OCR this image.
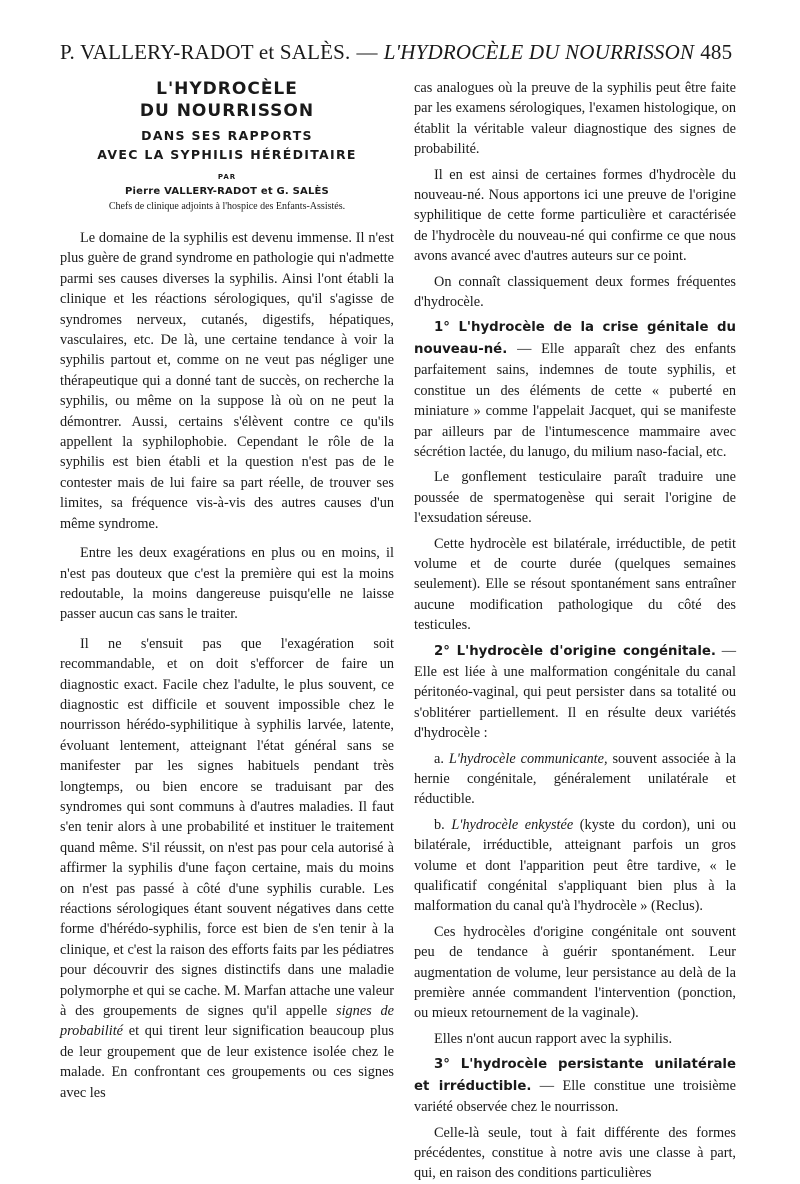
P. VALLERY-RADOT et SALÈS. — L'HYDROCÈLE DU NOURRISSON 485
L'HYDROCÈLE
DU NOURRISSON
DANS SES RAPPORTS
AVEC LA SYPHILIS HÉRÉDITAIRE
PAR
Pierre VALLERY-RADOT et G. SALÈS
Chefs de clinique adjoints à l'hospice des Enfants-Assistés.

Le domaine de la syphilis est devenu immense. Il n'est plus guère de grand syndrome en pathologie qui n'admette parmi ses causes diverses la syphilis. Ainsi l'ont établi la clinique et les réactions sérologiques, qu'il s'agisse de syndromes nerveux, cutanés, digestifs, hépatiques, vasculaires, etc. De là, une certaine tendance à voir la syphilis partout et, comme on ne veut pas négliger une thérapeutique qui a donné tant de succès, on recherche la syphilis, ou même on la suppose là où on ne peut la démontrer. Aussi, certains s'élèvent contre ce qu'ils appellent la syphilophobie. Cependant le rôle de la syphilis est bien établi et la question n'est pas de le contester mais de lui faire sa part réelle, de trouver ses limites, sa fréquence vis-à-vis des autres causes d'un même syndrome.

Entre les deux exagérations en plus ou en moins, il n'est pas douteux que c'est la première qui est la moins redoutable, la moins dangereuse puisqu'elle ne laisse passer aucun cas sans le traiter.

Il ne s'ensuit pas que l'exagération soit recommandable, et on doit s'efforcer de faire un diagnostic exact. Facile chez l'adulte, le plus souvent, ce diagnostic est difficile et souvent impossible chez le nourrisson hérédo-syphilitique à syphilis larvée, latente, évoluant lentement, atteignant l'état général sans se manifester par les signes habituels pendant très longtemps, ou bien encore se traduisant par des syndromes qui sont communs à d'autres maladies. Il faut s'en tenir alors à une probabilité et instituer le traitement quand même. S'il réussit, on n'est pas pour cela autorisé à affirmer la syphilis d'une façon certaine, mais du moins on n'est pas passé à côté d'une syphilis curable. Les réactions sérologiques étant souvent négatives dans cette forme d'hérédo-syphilis, force est bien de s'en tenir à la clinique, et c'est la raison des efforts faits par les pédiatres pour découvrir des signes distinctifs dans une maladie polymorphe et qui se cache. M. Marfan attache une valeur à des groupements de signes qu'il appelle signes de probabilité et qui tirent leur signification beaucoup plus de leur groupement que de leur existence isolée chez le malade. En confrontant ces groupements ou ces signes avec les

cas analogues où la preuve de la syphilis peut être faite par les examens sérologiques, l'examen histologique, on établit la véritable valeur diagnostique des signes de probabilité.

Il en est ainsi de certaines formes d'hydrocèle du nouveau-né. Nous apportons ici une preuve de l'origine syphilitique de cette forme particulière et caractérisée de l'hydrocèle du nouveau-né qui confirme ce que nous avons avancé avec d'autres auteurs sur ce point.

On connaît classiquement deux formes fréquentes d'hydrocèle.

1° L'hydrocèle de la crise génitale du nouveau-né. — Elle apparaît chez des enfants parfaitement sains, indemnes de toute syphilis, et constitue un des éléments de cette « puberté en miniature » comme l'appelait Jacquet, qui se manifeste par ailleurs par de l'intumescence mammaire avec sécrétion lactée, du lanugo, du milium naso-facial, etc.

Le gonflement testiculaire paraît traduire une poussée de spermatogenèse qui serait l'origine de l'exsudation séreuse.

Cette hydrocèle est bilatérale, irréductible, de petit volume et de courte durée (quelques semaines seulement). Elle se résout spontanément sans entraîner aucune modification pathologique du côté des testicules.

2° L'hydrocèle d'origine congénitale. — Elle est liée à une malformation congénitale du canal péritonéo-vaginal, qui peut persister dans sa totalité ou s'oblitérer partiellement. Il en résulte deux variétés d'hydrocèle :

a. L'hydrocèle communicante, souvent associée à la hernie congénitale, généralement unilatérale et réductible.

b. L'hydrocèle enkystée (kyste du cordon), uni ou bilatérale, irréductible, atteignant parfois un gros volume et dont l'apparition peut être tardive, « le qualificatif congénital s'appliquant bien plus à la malformation du canal qu'à l'hydrocèle » (Reclus).

Ces hydrocèles d'origine congénitale ont souvent peu de tendance à guérir spontanément. Leur augmentation de volume, leur persistance au delà de la première année commandent l'intervention (ponction, ou mieux retournement de la vaginale).

Elles n'ont aucun rapport avec la syphilis.

3° L'hydrocèle persistante unilatérale et irréductible. — Elle constitue une troisième variété observée chez le nourrisson.

Celle-là seule, tout à fait différente des formes précédentes, constitue à notre avis une classe à part, qui, en raison des conditions particulières
